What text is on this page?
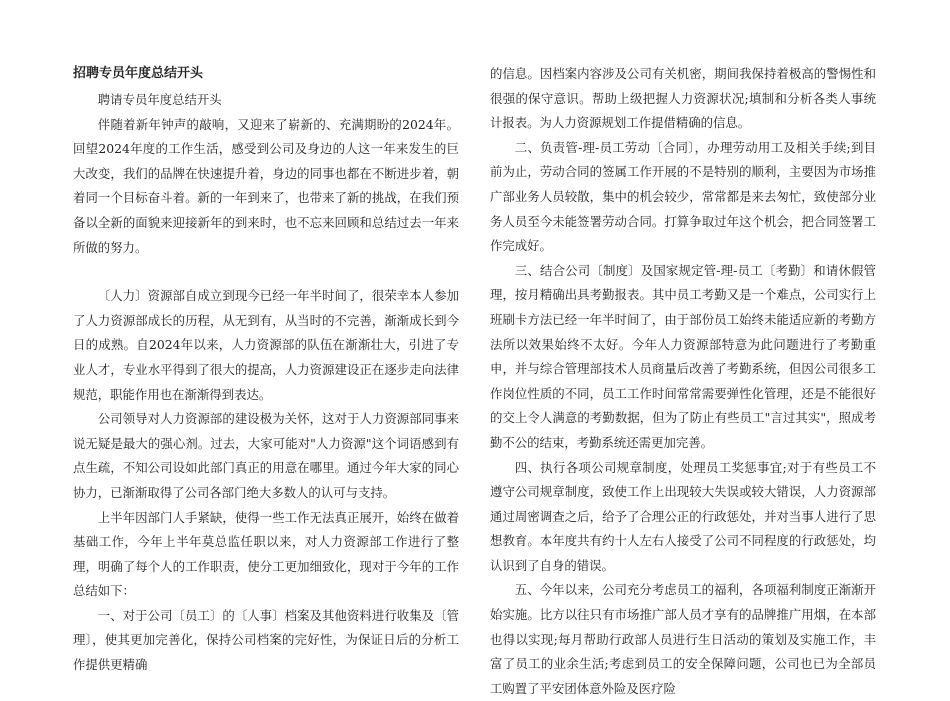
招聘专员年度总结开头

聘请专员年度总结开头

伴随着新年钟声的敲响，又迎来了崭新的、充满期盼的2024年。回望2024年度的工作生活，感受到公司及身边的人这一年来发生的巨大改变，我们的品牌在快速提升着，身边的同事也都在不断进步着，朝着同一个目标奋斗着。新的一年到来了，也带来了新的挑战，在我们预备以全新的面貌来迎接新年的到来时，也不忘来回顾和总结过去一年来所做的努力。

〔人力〕资源部自成立到现今已经一年半时间了，很荣幸本人参加了人力资源部成长的历程，从无到有，从当时的不完善，渐渐成长到今日的成熟。自2024年以来，人力资源部的队伍在渐渐壮大，引进了专业人才，专业水平得到了很大的提高，人力资源建设正在逐步走向法律规范，职能作用也在渐渐得到表达。

公司领导对人力资源部的建设极为关怀，这对于人力资源部同事来说无疑是最大的强心剂。过去，大家可能对"人力资源"这个词语感到有点生疏，不知公司设如此部门真正的用意在哪里。通过今年大家的同心协力，已渐渐取得了公司各部门绝大多数人的认可与支持。

上半年因部门人手紧缺，使得一些工作无法真正展开，始终在做着基础工作，今年上半年莫总监任职以来，对人力资源部工作进行了整理，明确了每个人的工作职责，使分工更加细致化，现对于今年的工作总结如下：

一、对于公司〔员工〕的〔人事〕档案及其他资料进行收集及〔管理〕，使其更加完善化，保持公司档案的完好性，为保证日后的分析工作提供更精确

的信息。因档案内容涉及公司有关机密，期间我保持着极高的警惕性和很强的保守意识。帮助上级把握人力资源状况;填制和分析各类人事统计报表。为人力资源规划工作提借精确的信息。

二、负责管-理-员工劳动〔合同〕，办理劳动用工及相关手续;到目前为止，劳动合同的签属工作开展的不是特别的顺利，主要因为市场推广部业务人员较散，集中的机会较少，常常都是来去匆忙，致使部分业务人员至今未能签署劳动合同。打算争取过年这个机会，把合同签署工作完成好。

三、结合公司〔制度〕及国家规定管-理-员工〔考勤〕和请休假管理，按月精确出具考勤报表。其中员工考勤又是一个难点，公司实行上班刷卡方法已经一年半时间了，由于部份员工始终未能适应新的考勤方法所以效果始终不太好。今年人力资源部特意为此问题进行了考勤重申，并与综合管理部技术人员商量后改善了考勤系统，但因公司很多工作岗位性质的不同，员工工作时间常常需要弹性化管理，还是不能很好的交上令人满意的考勤数据，但为了防止有些员工"言过其实"，照成考勤不公的结束，考勤系统还需更加完善。

四、执行各项公司规章制度，处理员工奖惩事宜;对于有些员工不遵守公司规章制度，致使工作上出现较大失误或较大错误，人力资源部通过周密调查之后，给予了合理公正的行政惩处，并对当事人进行了思想教育。本年度共有约十人左右人接受了公司不同程度的行政惩处，均认识到了自身的错误。

五、今年以来，公司充分考虑员工的福利，各项福利制度正渐渐开始实施。比方以往只有市场推广部人员才享有的品牌推广用烟，在本部也得以实现;每月帮助行政部人员进行生日活动的策划及实施工作，丰富了员工的业余生活;考虑到员工的安全保障问题，公司也已为全部员工购置了平安团体意外险及医疗险
